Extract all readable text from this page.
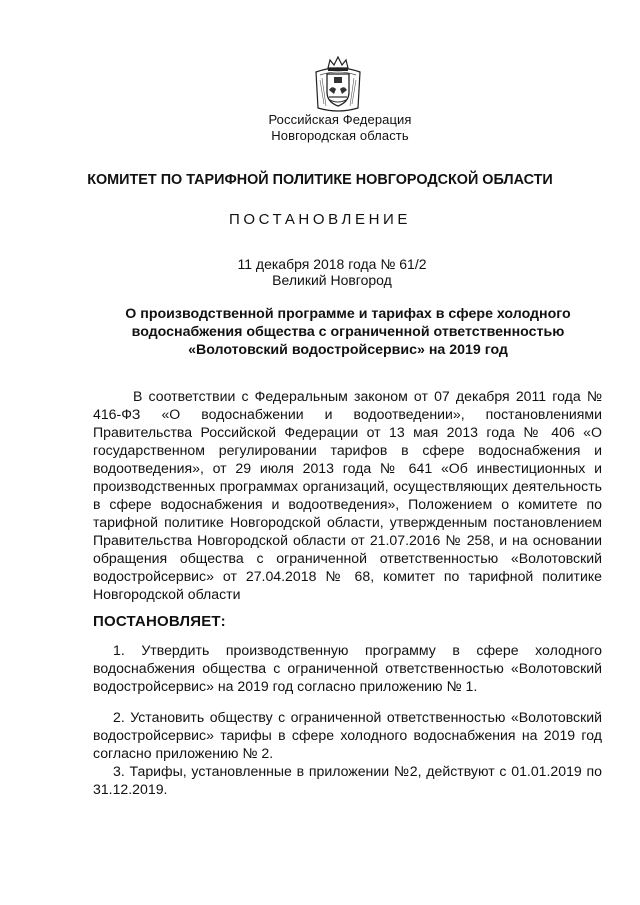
Российская Федерация
Новгородская область
КОМИТЕТ ПО ТАРИФНОЙ ПОЛИТИКЕ НОВГОРОДСКОЙ ОБЛАСТИ
ПОСТАНОВЛЕНИЕ
11 декабря 2018 года № 61/2
Великий Новгород
О производственной программе и тарифах в сфере холодного водоснабжения общества с ограниченной ответственностью «Волотовский водостройсервис» на 2019 год
В соответствии с Федеральным законом от 07 декабря 2011 года № 416-ФЗ «О водоснабжении и водоотведении», постановлениями Правительства Российской Федерации от 13 мая 2013 года № 406 «О государственном регулировании тарифов в сфере водоснабжения и водоотведения», от 29 июля 2013 года № 641 «Об инвестиционных и производственных программах организаций, осуществляющих деятельность в сфере водоснабжения и водоотведения», Положением о комитете по тарифной политике Новгородской области, утвержденным постановлением Правительства Новгородской области от 21.07.2016 № 258, и на основании обращения общества с ограниченной ответственностью «Волотовский водостройсервис» от 27.04.2018 № 68, комитет по тарифной политике Новгородской области
ПОСТАНОВЛЯЕТ:
1. Утвердить производственную программу в сфере холодного водоснабжения общества с ограниченной ответственностью «Волотовский водостройсервис» на 2019 год согласно приложению № 1.
2. Установить обществу с ограниченной ответственностью «Волотовский водостройсервис» тарифы в сфере холодного водоснабжения на 2019 год согласно приложению № 2.
3. Тарифы, установленные в приложении №2, действуют с 01.01.2019 по 31.12.2019.
